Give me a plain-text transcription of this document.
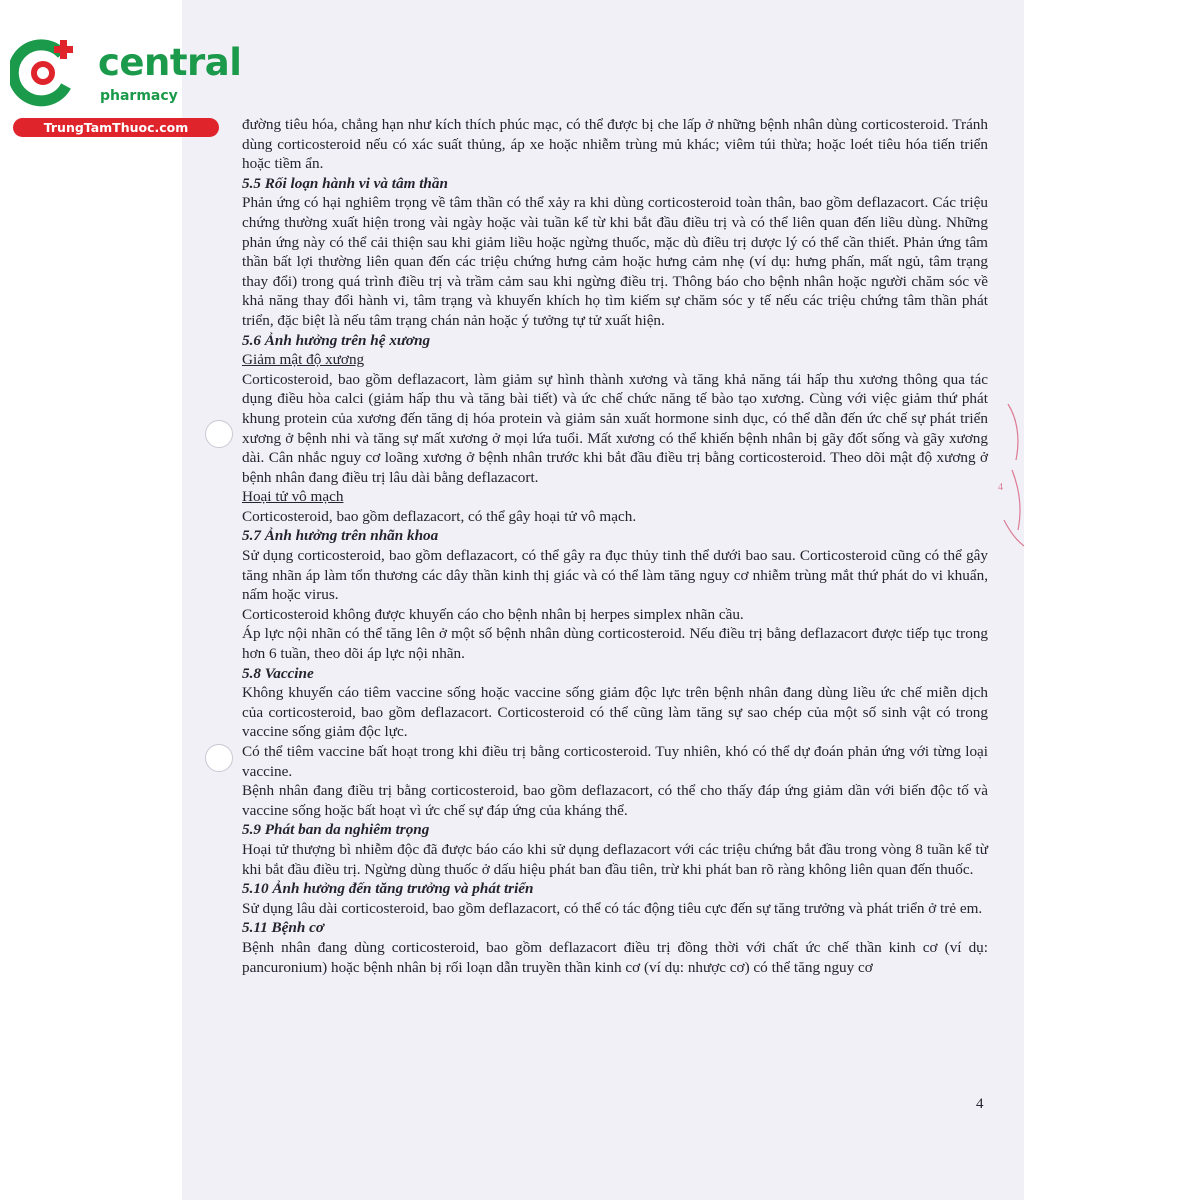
4
central
pharmacy
TrungTamThuoc.com	đường tiêu hóa, chẳng hạn như kích thích phúc mạc, có thể được bị che lấp ở những bệnh nhân dùng corticosteroid. Tránh dùng corticosteroid nếu có xác suất thủng, áp xe hoặc nhiễm trùng mủ khác; viêm túi thừa; hoặc loét tiêu hóa tiến triển hoặc tiềm ẩn.

5.5 Rối loạn hành vi và tâm thần

Phản ứng có hại nghiêm trọng về tâm thần có thể xảy ra khi dùng corticosteroid toàn thân, bao gồm deflazacort. Các triệu chứng thường xuất hiện trong vài ngày hoặc vài tuần kể từ khi bắt đầu điều trị và có thể liên quan đến liều dùng. Những phản ứng này có thể cải thiện sau khi giảm liều hoặc ngừng thuốc, mặc dù điều trị dược lý có thể cần thiết. Phản ứng tâm thần bất lợi thường liên quan đến các triệu chứng hưng cảm hoặc hưng cảm nhẹ (ví dụ: hưng phấn, mất ngủ, tâm trạng thay đổi) trong quá trình điều trị và trầm cảm sau khi ngừng điều trị. Thông báo cho bệnh nhân hoặc người chăm sóc về khả năng thay đổi hành vi, tâm trạng và khuyến khích họ tìm kiếm sự chăm sóc y tế nếu các triệu chứng tâm thần phát triển, đặc biệt là nếu tâm trạng chán nản hoặc ý tưởng tự tử xuất hiện.

5.6 Ảnh hưởng trên hệ xương

Giảm mật độ xương

Corticosteroid, bao gồm deflazacort, làm giảm sự hình thành xương và tăng khả năng tái hấp thu xương thông qua tác dụng điều hòa calci (giảm hấp thu và tăng bài tiết) và ức chế chức năng tế bào tạo xương. Cùng với việc giảm thứ phát khung protein của xương đến tăng dị hóa protein và giảm sản xuất hormone sinh dục, có thể dẫn đến ức chế sự phát triển xương ở bệnh nhi và tăng sự mất xương ở mọi lứa tuổi. Mất xương có thể khiến bệnh nhân bị gãy đốt sống và gãy xương dài. Cân nhắc nguy cơ loãng xương ở bệnh nhân trước khi bắt đầu điều trị bằng corticosteroid. Theo dõi mật độ xương ở bệnh nhân đang điều trị lâu dài bằng deflazacort.

Hoại tử vô mạch

Corticosteroid, bao gồm deflazacort, có thể gây hoại tử vô mạch.

5.7 Ảnh hưởng trên nhãn khoa

Sử dụng corticosteroid, bao gồm deflazacort, có thể gây ra đục thủy tinh thể dưới bao sau. Corticosteroid cũng có thể gây tăng nhãn áp làm tổn thương các dây thần kinh thị giác và có thể làm tăng nguy cơ nhiễm trùng mắt thứ phát do vi khuẩn, nấm hoặc virus.

Corticosteroid không được khuyến cáo cho bệnh nhân bị herpes simplex nhãn cầu.

Áp lực nội nhãn có thể tăng lên ở một số bệnh nhân dùng corticosteroid. Nếu điều trị bằng deflazacort được tiếp tục trong hơn 6 tuần, theo dõi áp lực nội nhãn.

5.8 Vaccine

Không khuyến cáo tiêm vaccine sống hoặc vaccine sống giảm độc lực trên bệnh nhân đang dùng liều ức chế miễn dịch của corticosteroid, bao gồm deflazacort. Corticosteroid có thể cũng làm tăng sự sao chép của một số sinh vật có trong vaccine sống giảm độc lực.

Có thể tiêm vaccine bất hoạt trong khi điều trị bằng corticosteroid. Tuy nhiên, khó có thể dự đoán phản ứng với từng loại vaccine.

Bệnh nhân đang điều trị bằng corticosteroid, bao gồm deflazacort, có thể cho thấy đáp ứng giảm dần với biến độc tố và vaccine sống hoặc bất hoạt vì ức chế sự đáp ứng của kháng thể.

5.9 Phát ban da nghiêm trọng

Hoại tử thượng bì nhiễm độc đã được báo cáo khi sử dụng deflazacort với các triệu chứng bắt đầu trong vòng 8 tuần kể từ khi bắt đầu điều trị. Ngừng dùng thuốc ở dấu hiệu phát ban đầu tiên, trừ khi phát ban rõ ràng không liên quan đến thuốc.

5.10 Ảnh hưởng đến tăng trưởng và phát triển

Sử dụng lâu dài corticosteroid, bao gồm deflazacort, có thể có tác động tiêu cực đến sự tăng trưởng và phát triển ở trẻ em.

5.11 Bệnh cơ

Bệnh nhân đang dùng corticosteroid, bao gồm deflazacort điều trị đồng thời với chất ức chế thần kinh cơ (ví dụ: pancuronium) hoặc bệnh nhân bị rối loạn dẫn truyền thần kinh cơ (ví dụ: nhược cơ) có thể tăng nguy cơ

4
